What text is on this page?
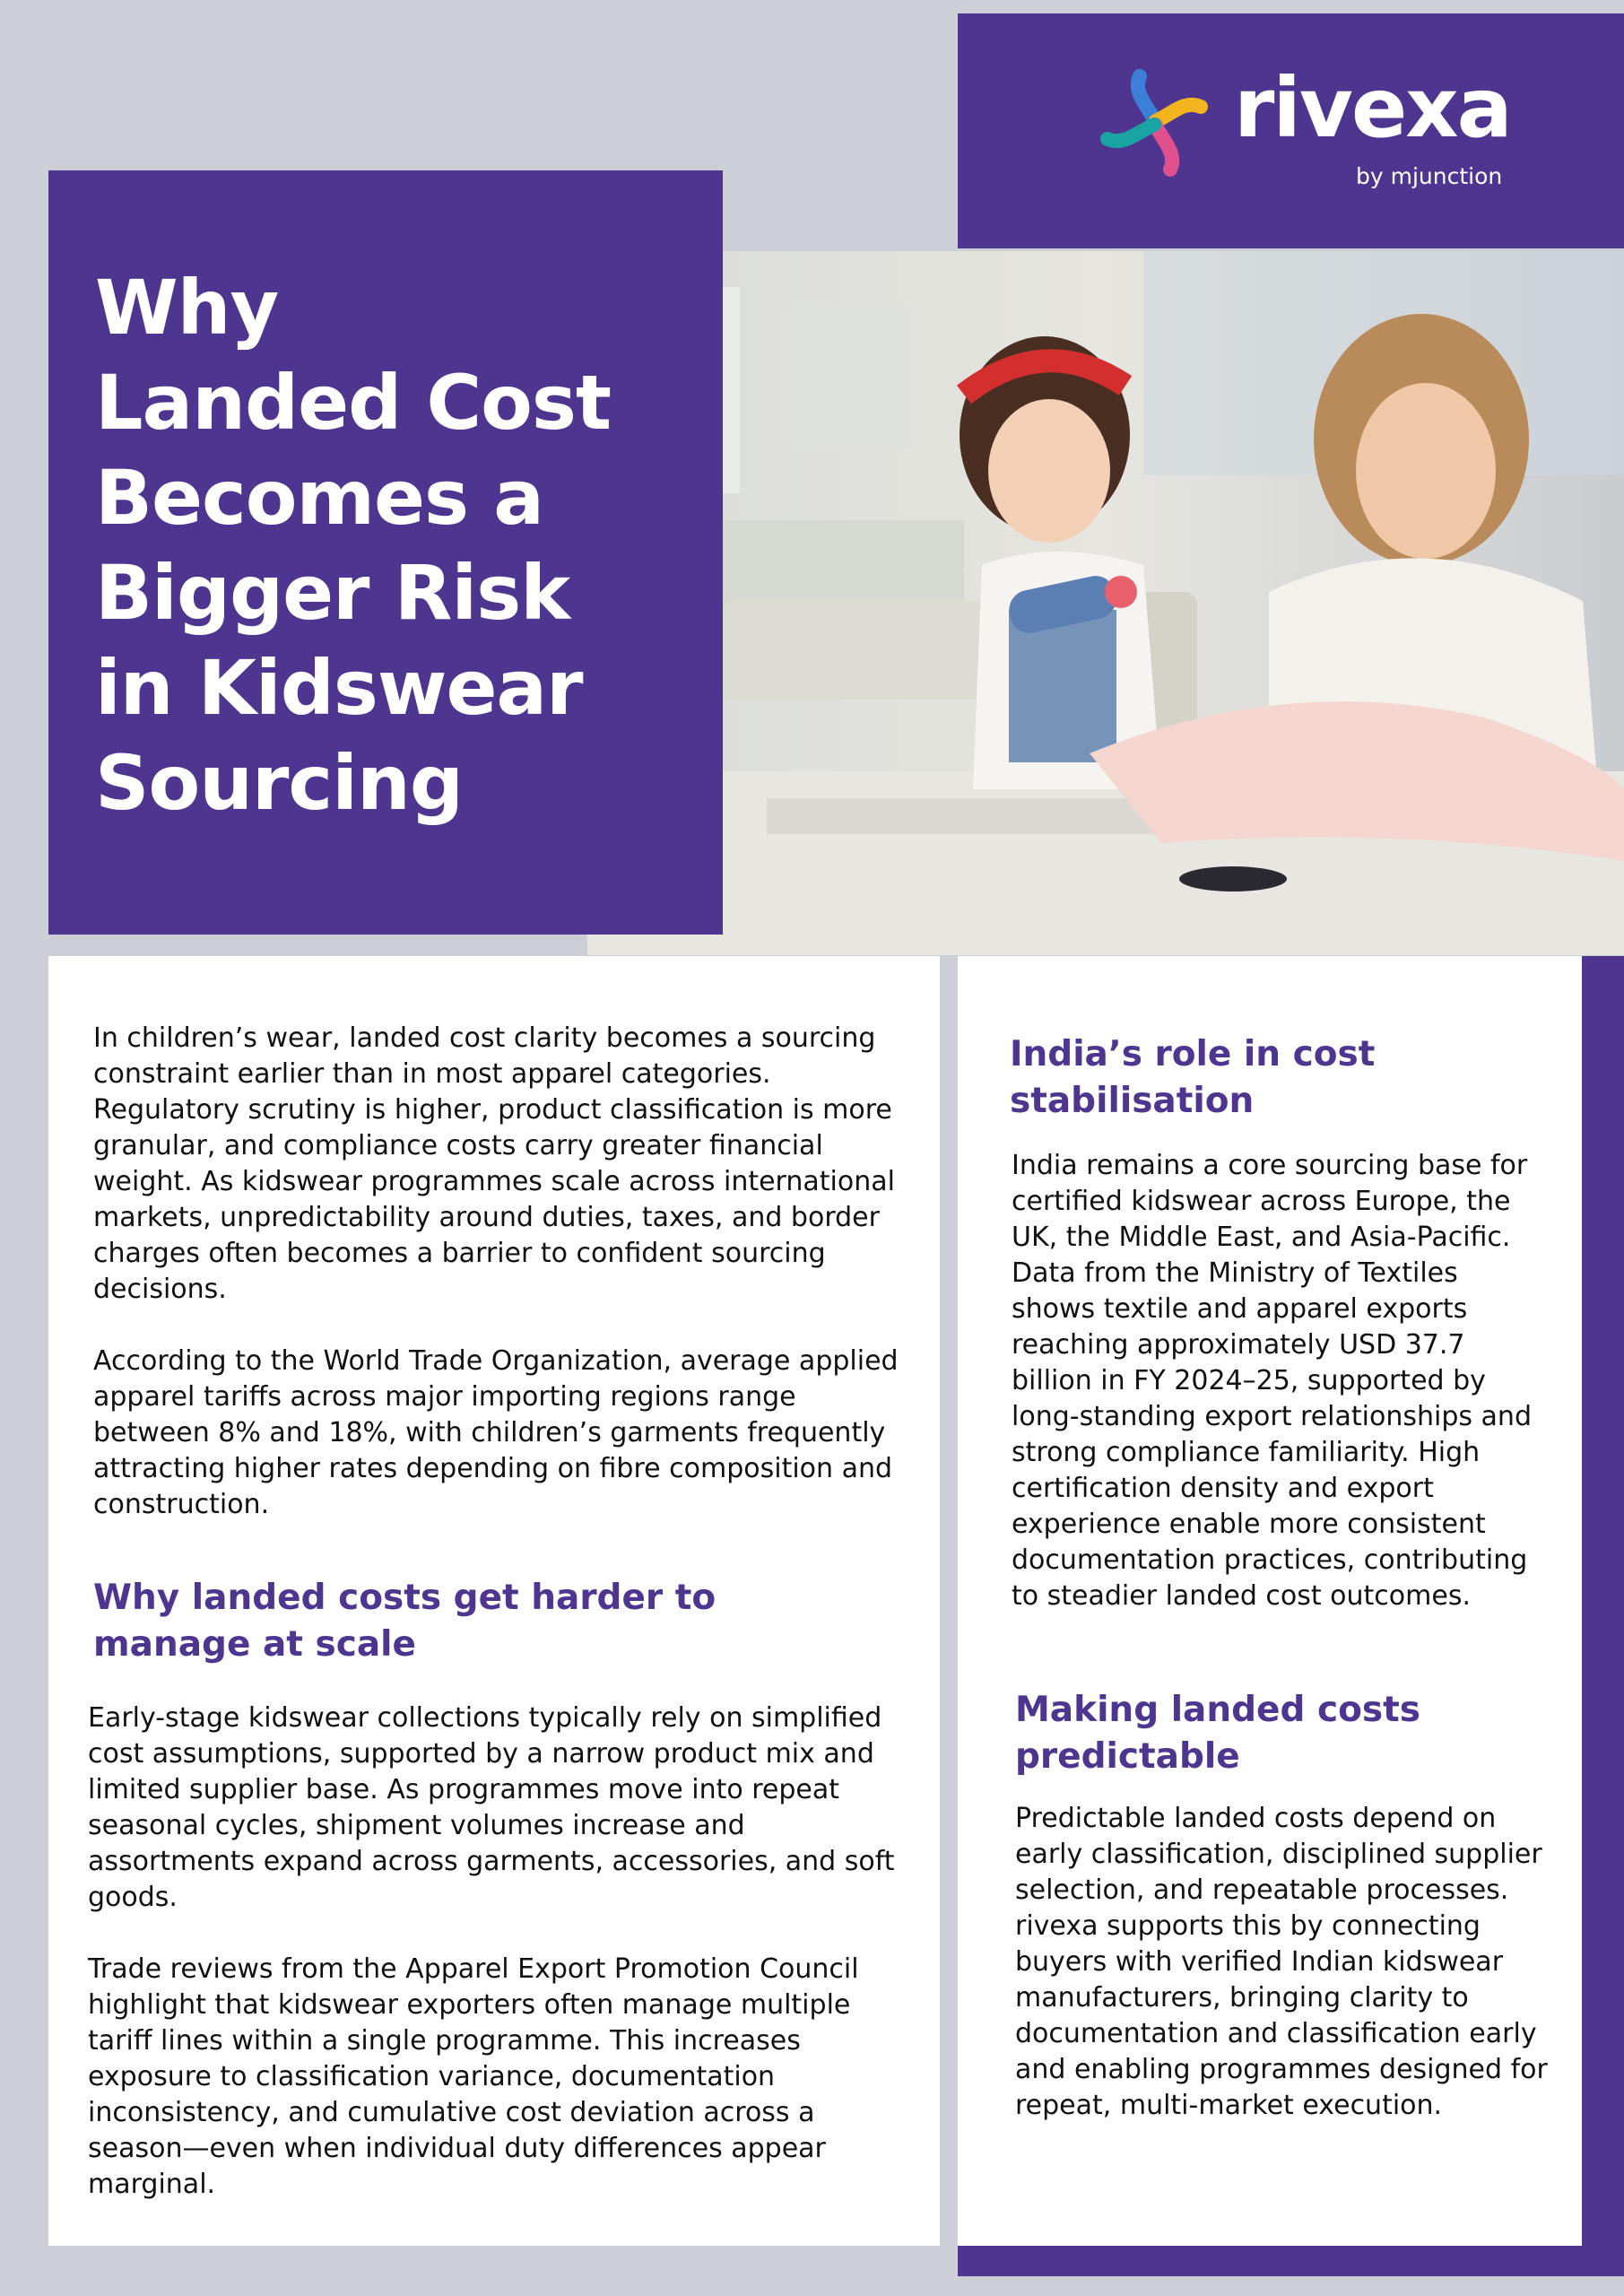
rivexa
by mjunction
Why
Landed Cost
Becomes a
Bigger Risk
in Kidswear
Sourcing

In children’s wear, landed cost clarity becomes a sourcing constraint earlier than in most apparel categories. Regulatory scrutiny is higher, product classification is more granular, and compliance costs carry greater financial weight. As kidswear programmes scale across international markets, unpredictability around duties, taxes, and border charges often becomes a barrier to confident sourcing decisions.

According to the World Trade Organization, average applied apparel tariffs across major importing regions range between 8% and 18%, with children’s garments frequently attracting higher rates depending on fibre composition and construction.

Why landed costs get harder to manage at scale

Early-stage kidswear collections typically rely on simplified cost assumptions, supported by a narrow product mix and limited supplier base. As programmes move into repeat seasonal cycles, shipment volumes increase and assortments expand across garments, accessories, and soft goods.

Trade reviews from the Apparel Export Promotion Council highlight that kidswear exporters often manage multiple tariff lines within a single programme. This increases exposure to classification variance, documentation inconsistency, and cumulative cost deviation across a season—even when individual duty differences appear marginal.

India’s role in cost stabilisation

India remains a core sourcing base for certified kidswear across Europe, the UK, the Middle East, and Asia-Pacific. Data from the Ministry of Textiles shows textile and apparel exports reaching approximately USD 37.7 billion in FY 2024–25, supported by long-standing export relationships and strong compliance familiarity. High certification density and export experience enable more consistent documentation practices, contributing to steadier landed cost outcomes.

Making landed costs predictable

Predictable landed costs depend on early classification, disciplined supplier selection, and repeatable processes. rivexa supports this by connecting buyers with verified Indian kidswear manufacturers, bringing clarity to documentation and classification early and enabling programmes designed for repeat, multi-market execution.
